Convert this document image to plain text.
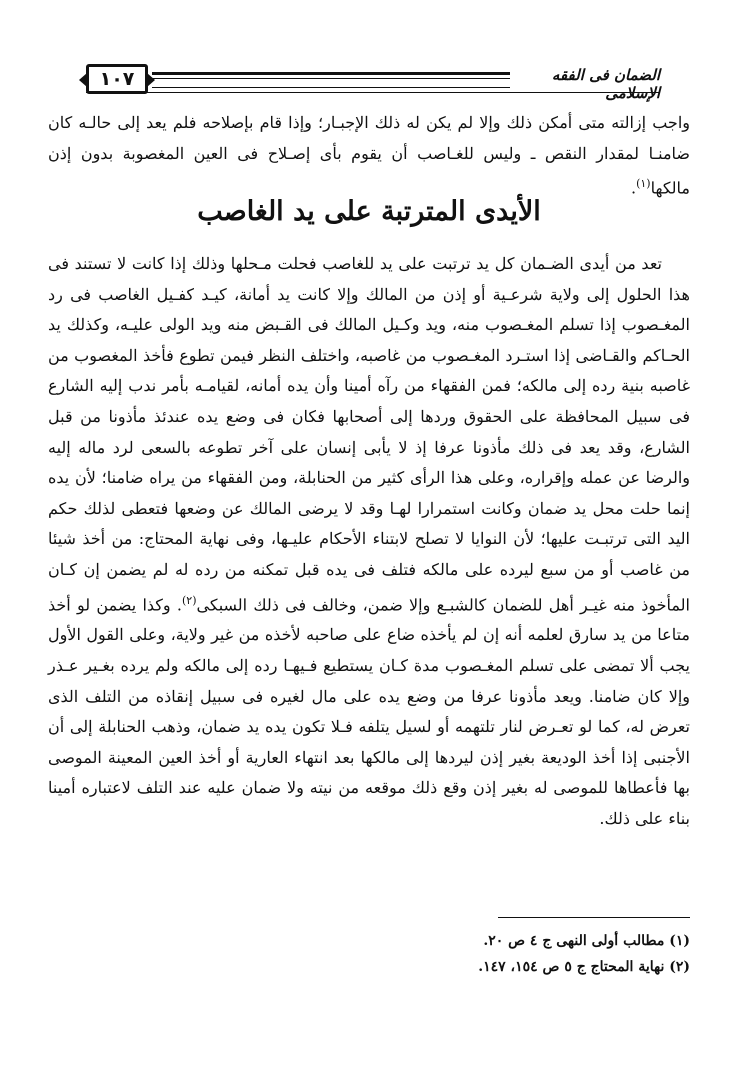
١٠٧	الضمان فى الفقه الإسلامى
واجب إزالته متى أمكن ذلك وإلا لم يكن له ذلك الإجبـار؛ وإذا قام بإصلاحه فلم يعد إلى حالـه كان ضامنـا لمقدار النقص ـ وليس للغـاصب أن يقوم بأى إصـلاح فى العين المغصوبة بدون إذن مالكها$^{(١)}$.
الأيدى المترتبة على يد الغاصب
تعد من أيدى الضـمان كل يد ترتبت على يد للغاصب فحلت مـحلها وذلك إذا كانت لا تستند فى هذا الحلول إلى ولاية شرعـية أو إذن من المالك وإلا كانت يد أمانة، كيـد كفـيل الغاصب فى رد المغـصوب إذا تسلم المغـصوب منه، ويد وكـيل المالك فى القـبض منه ويد الولى عليـه، وكذلك يد الحـاكم والقـاضى إذا استـرد المغـصوب من غاصبه، واختلف النظر فيمن تطوع فأخذ المغصوب من غاصبه بنية رده إلى مالكه؛ فمن الفقهاء من رآه أمينا وأن يده أمانه، لقيامـه بأمر ندب إليه الشارع فى سبيل المحافظة على الحقوق وردها إلى أصحابها فكان فى وضع يده عندئذ مأذونا من قبل الشارع، وقد يعد فى ذلك مأذونا عرفا إذ لا يأبى إنسان على آخر تطوعه بالسعى لرد ماله إليه والرضا عن عمله وإقراره، وعلى هذا الرأى كثير من الحنابلة، ومن الفقهاء من يراه ضامنا؛ لأن يده إنما حلت محل يد ضمان وكانت استمرارا لهـا وقد لا يرضى المالك عن وضعها فتعطى لذلك حكم اليد التى ترتبـت عليها؛ لأن النوايا لا تصلح لابتناء الأحكام عليـها، وفى نهاية المحتاج: من أخذ شيئا من غاصب أو من سبع ليرده على مالكه فتلف فى يده قبل تمكنه من رده له لم يضمن إن كـان المأخوذ منه غيـر أهل للضمان كالشبـع وإلا ضمن، وخالف فى ذلك السبكى$^{(٢)}$. وكذا يضمن لو أخذ متاعا من يد سارق لعلمه أنه إن لم يأخذه ضاع على صاحبه لأخذه من غير ولاية، وعلى القول الأول يجب ألا تمضى على تسلم المغـصوب مدة كـان يستطيع فـيهـا رده إلى مالكه ولم يرده بغـير عـذر وإلا كان ضامنا. ويعد مأذونا عرفا من وضع يده على مال لغيره فى سبيل إنقاذه من التلف الذى تعرض له، كما لو تعـرض لنار تلتهمه أو لسيل يتلفه فـلا تكون يده يد ضمان، وذهب الحنابلة إلى أن الأجنبى إذا أخذ الوديعة بغير إذن ليردها إلى مالكها بعد انتهاء العارية أو أخذ العين المعينة الموصى بها فأعطاها للموصى له بغير إذن وقع ذلك موقعه من نيته ولا ضمان عليه عند التلف لاعتباره أمينا بناء على ذلك.
(١) مطالب أولى النهى ج ٤ ص ٢٠.
(٢) نهاية المحتاج ج ٥ ص ١٥٤، ١٤٧.
